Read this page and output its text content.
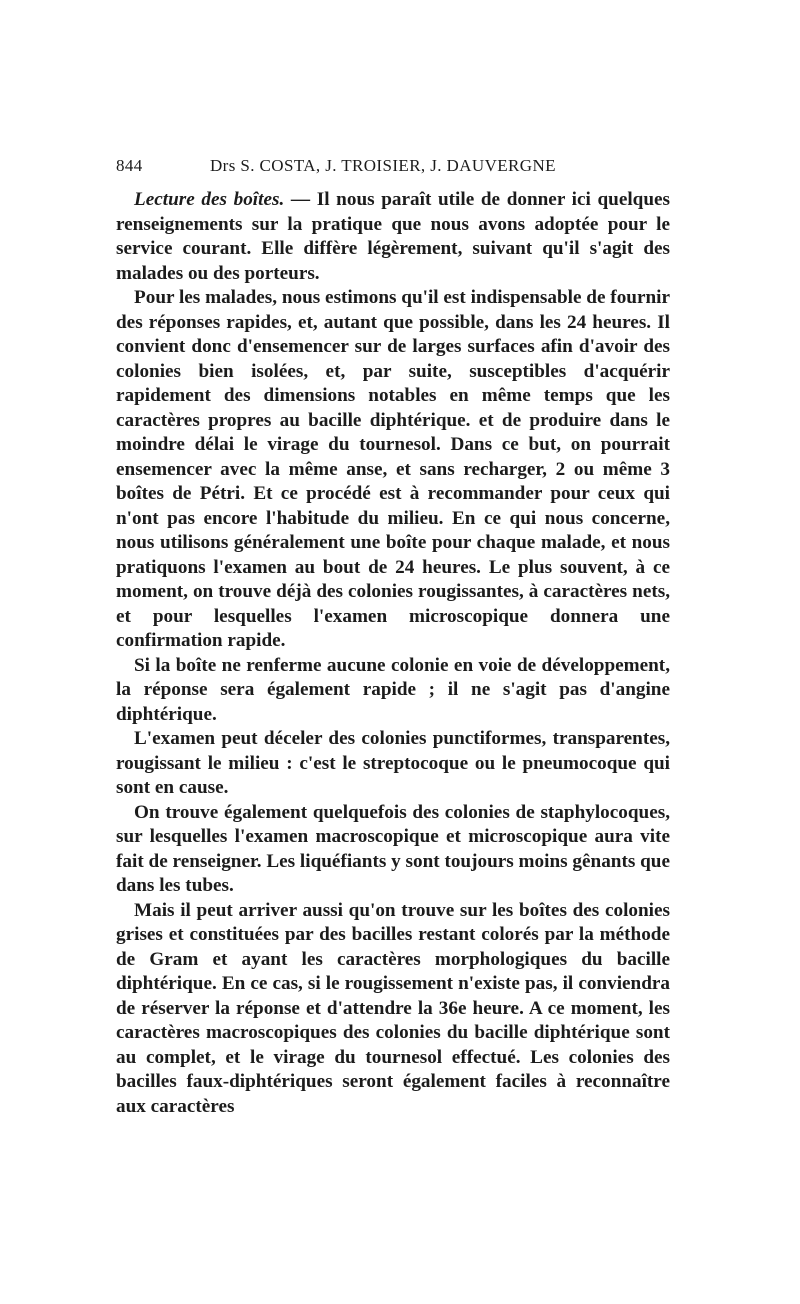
844	Drs S. COSTA, J. TROISIER, J. DAUVERGNE

Lecture des boîtes. — Il nous paraît utile de donner ici quelques renseignements sur la pratique que nous avons adoptée pour le service courant. Elle diffère légèrement, suivant qu'il s'agit des malades ou des porteurs.

Pour les malades, nous estimons qu'il est indispensable de fournir des réponses rapides, et, autant que possible, dans les 24 heures. Il convient donc d'ensemencer sur de larges surfaces afin d'avoir des colonies bien isolées, et, par suite, susceptibles d'acquérir rapidement des dimensions notables en même temps que les caractères propres au bacille diphtérique. et de produire dans le moindre délai le virage du tournesol. Dans ce but, on pourrait ensemencer avec la même anse, et sans recharger, 2 ou même 3 boîtes de Pétri. Et ce procédé est à recommander pour ceux qui n'ont pas encore l'habitude du milieu. En ce qui nous concerne, nous utilisons généralement une boîte pour chaque malade, et nous pratiquons l'examen au bout de 24 heures. Le plus souvent, à ce moment, on trouve déjà des colonies rougissantes, à caractères nets, et pour lesquelles l'examen microscopique donnera une confirmation rapide.

Si la boîte ne renferme aucune colonie en voie de développement, la réponse sera également rapide ; il ne s'agit pas d'angine diphtérique.

L'examen peut déceler des colonies punctiformes, transparentes, rougissant le milieu : c'est le streptocoque ou le pneumocoque qui sont en cause.

On trouve également quelquefois des colonies de staphylocoques, sur lesquelles l'examen macroscopique et microscopique aura vite fait de renseigner. Les liquéfiants y sont toujours moins gênants que dans les tubes.

Mais il peut arriver aussi qu'on trouve sur les boîtes des colonies grises et constituées par des bacilles restant colorés par la méthode de Gram et ayant les caractères morphologiques du bacille diphtérique. En ce cas, si le rougissement n'existe pas, il conviendra de réserver la réponse et d'attendre la 36e heure. A ce moment, les caractères macroscopiques des colonies du bacille diphtérique sont au complet, et le virage du tournesol effectué. Les colonies des bacilles faux-diphtériques seront également faciles à reconnaître aux caractères
